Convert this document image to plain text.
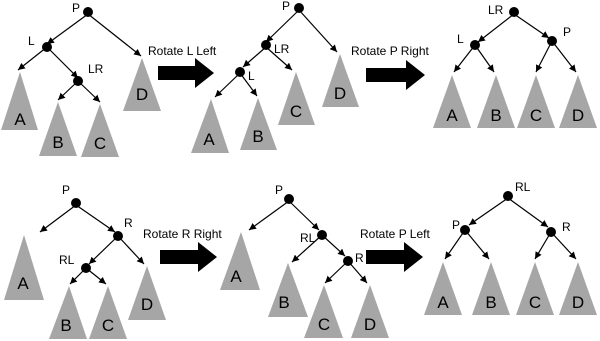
P
L
LR
A
B C
D
Rotate L Left
P
LR
L
A B
C
D
Rotate P Right
LR
L	P
A B C D
P
R
RL
A
B C
D
Rotate R Right
P
RL
R
A
B
C D
Rotate P Left
RL
P	R
A B C D
